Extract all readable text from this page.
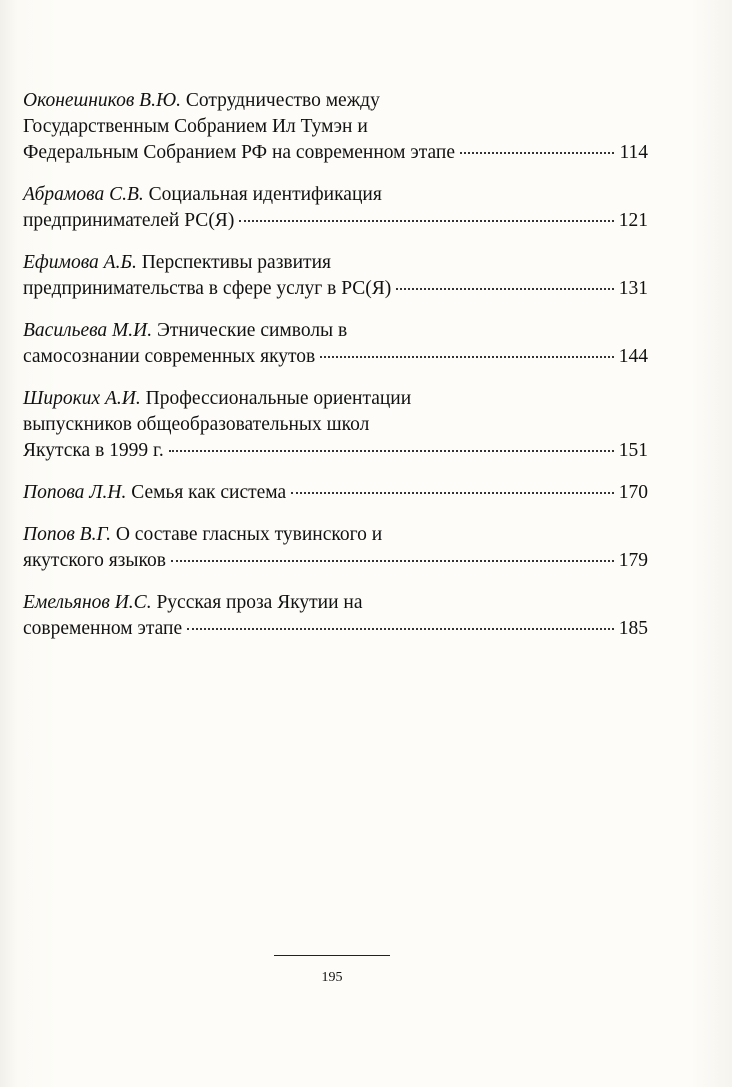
Оконешников В.Ю. Сотрудничество между
Государственным Собранием Ил Тумэн и
Федеральным Собранием РФ на современном этапе	114
Абрамова С.В. Социальная идентификация
предпринимателей РС(Я)	121
Ефимова А.Б. Перспективы развития
предпринимательства в сфере услуг в РС(Я)	131
Васильева М.И. Этнические символы в
самосознании современных якутов	144
Широких А.И. Профессиональные ориентации
выпускников общеобразовательных школ
Якутска в 1999 г.	151
Попова Л.Н. Семья как система	170
Попов В.Г. О составе гласных тувинского и
якутского языков	179
Емельянов И.С. Русская проза Якутии на
современном этапе	185
195
